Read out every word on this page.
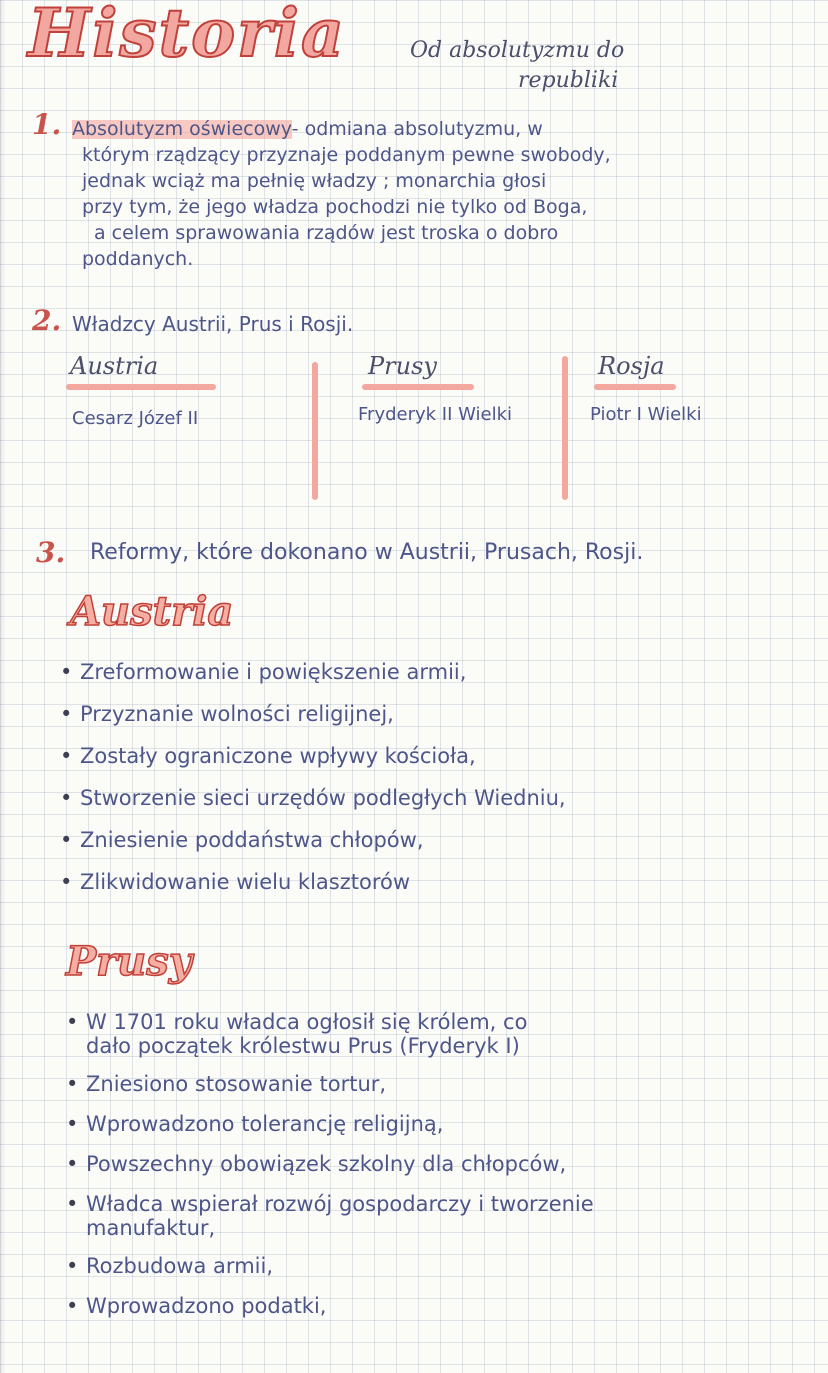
Historia	Od absolutyzmu do
republiki
1. Absolutyzm oświecowy- odmiana absolutyzmu, w
którym rządzący przyznaje poddanym pewne swobody,
jednak wciąż ma pełnię władzy ; monarchia głosi
przy tym, że jego władza pochodzi nie tylko od Boga,
a celem sprawowania rządów jest troska o dobro
poddanych.
2. Władzcy Austrii, Prus i Rosji.
Austria
Cesarz Józef II
Prusy
Fryderyk II Wielki
Rosja
Piotr I Wielki
3. Reformy, które dokonano w Austrii, Prusach, Rosji.
Austria
• Zreformowanie i powiększenie armii,
• Przyznanie wolności religijnej,
• Zostały ograniczone wpływy kościoła,
• Stworzenie sieci urzędów podległych Wiedniu,
• Zniesienie poddaństwa chłopów,
• Zlikwidowanie wielu klasztorów
Prusy
• W 1701 roku władca ogłosił się królem, co
dało początek królestwu Prus (Fryderyk I)
• Zniesiono stosowanie tortur,
• Wprowadzono tolerancję religijną,
• Powszechny obowiązek szkolny dla chłopców,
• Władca wspierał rozwój gospodarczy i tworzenie
manufaktur,
• Rozbudowa armii,
• Wprowadzono podatki,
